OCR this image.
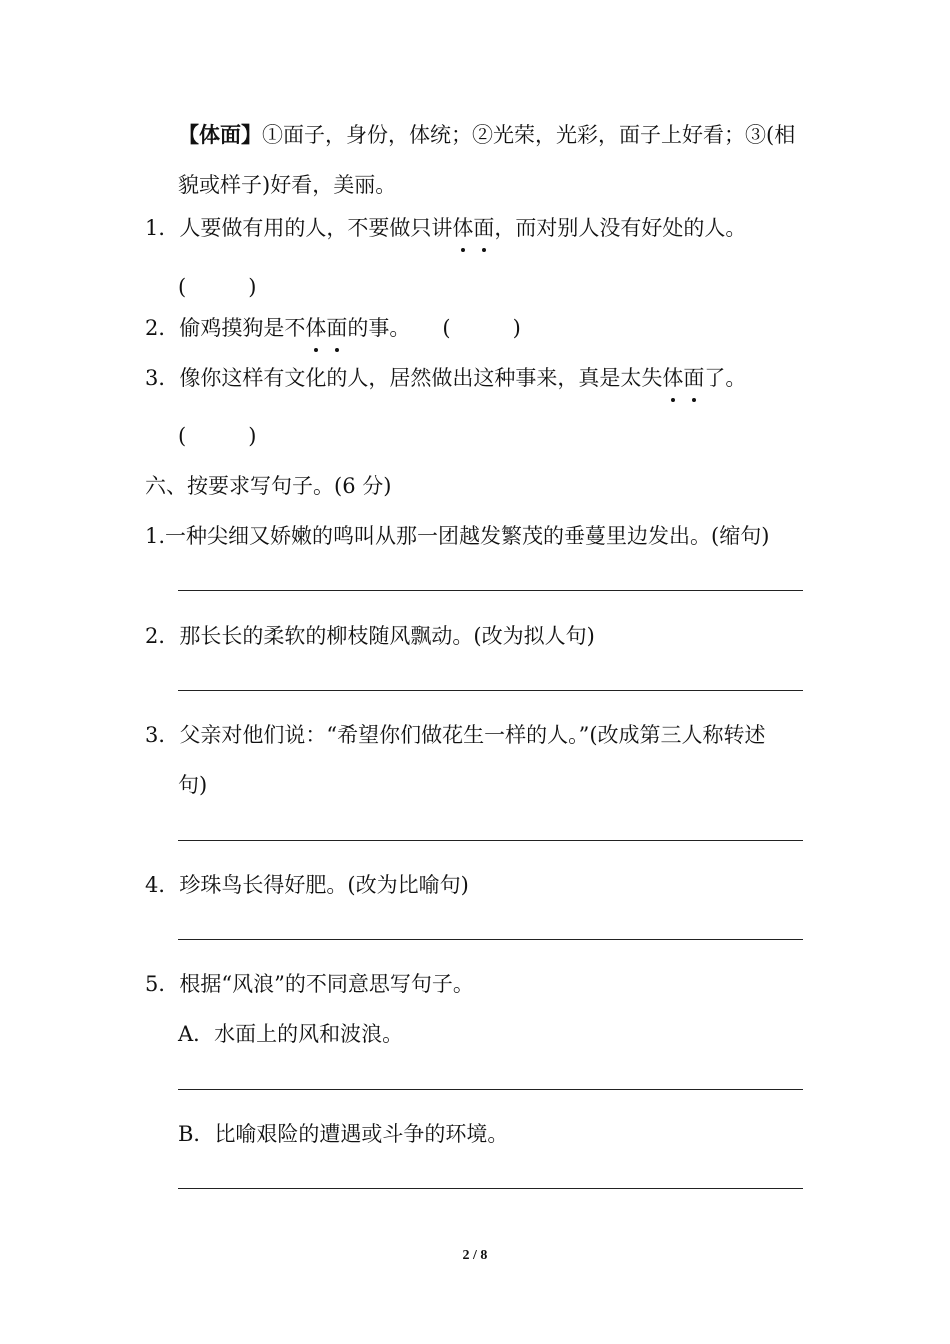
【体面】①面子，身份，体统；②光荣，光彩，面子上好看；③(相
貌或样子)好看，美丽。
1．人要做有用的人，不要做只讲体面，而对别人没有好处的人。
(	)
2．偷鸡摸狗是不体面的事。 (	)
3．像你这样有文化的人，居然做出这种事来，真是太失体面了。
(	)
六、按要求写句子。(6 分)
1.一种尖细又娇嫩的鸣叫从那一团越发繁茂的垂蔓里边发出。(缩句)
2．那长长的柔软的柳枝随风飘动。(改为拟人句)
3．父亲对他们说：“希望你们做花生一样的人。”(改成第三人称转述
句)
4．珍珠鸟长得好肥。(改为比喻句)
5．根据“风浪”的不同意思写句子。
A．水面上的风和波浪。
B．比喻艰险的遭遇或斗争的环境。
2 / 8
